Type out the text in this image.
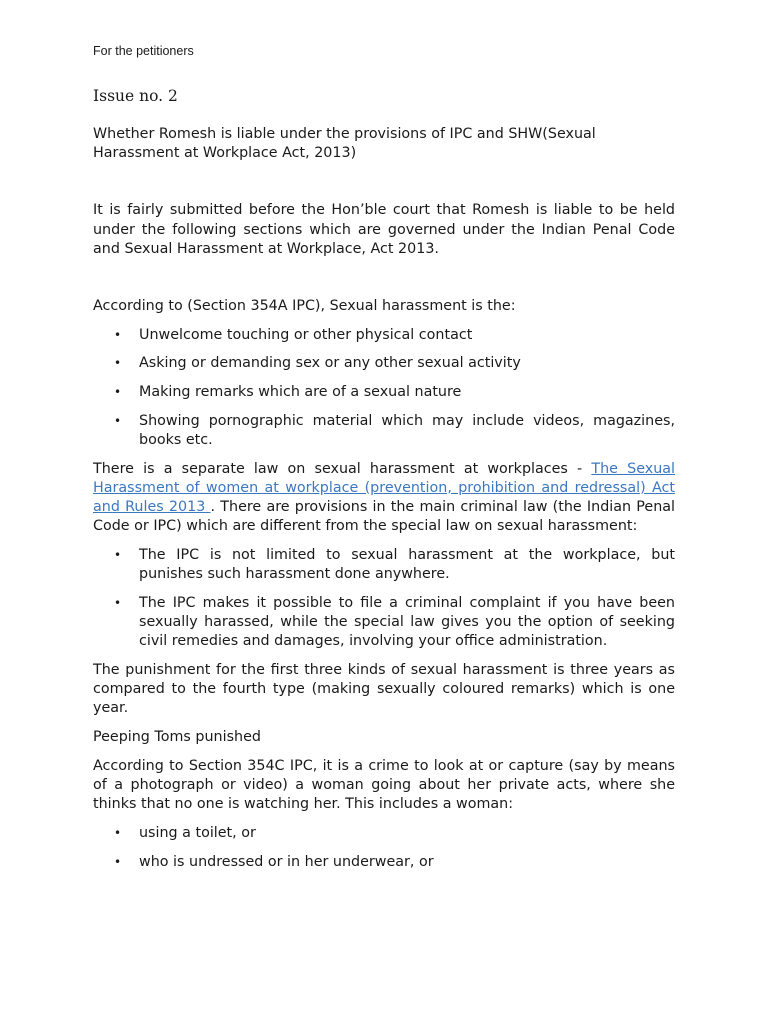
For the petitioners
Issue no. 2

Whether Romesh is liable under the provisions of IPC and SHW(Sexual Harassment at Workplace Act, 2013)

It is fairly submitted before the Hon’ble court that Romesh is liable to be held under the following sections which are governed under the Indian Penal Code and Sexual Harassment at Workplace, Act 2013.

According to (Section 354A IPC), Sexual harassment is the:

• Unwelcome touching or other physical contact
• Asking or demanding sex or any other sexual activity
• Making remarks which are of a sexual nature
• Showing pornographic material which may include videos, magazines, books etc.

There is a separate law on sexual harassment at workplaces - The Sexual Harassment of women at workplace (prevention, prohibition and redressal) Act and Rules 2013 . There are provisions in the main criminal law (the Indian Penal Code or IPC) which are different from the special law on sexual harassment:

• The IPC is not limited to sexual harassment at the workplace, but punishes such harassment done anywhere.
• The IPC makes it possible to file a criminal complaint if you have been sexually harassed, while the special law gives you the option of seeking civil remedies and damages, involving your office administration.

The punishment for the first three kinds of sexual harassment is three years as compared to the fourth type (making sexually coloured remarks) which is one year.

Peeping Toms punished

According to Section 354C IPC, it is a crime to look at or capture (say by means of a photograph or video) a woman going about her private acts, where she thinks that no one is watching her. This includes a woman:

• using a toilet, or
• who is undressed or in her underwear, or
